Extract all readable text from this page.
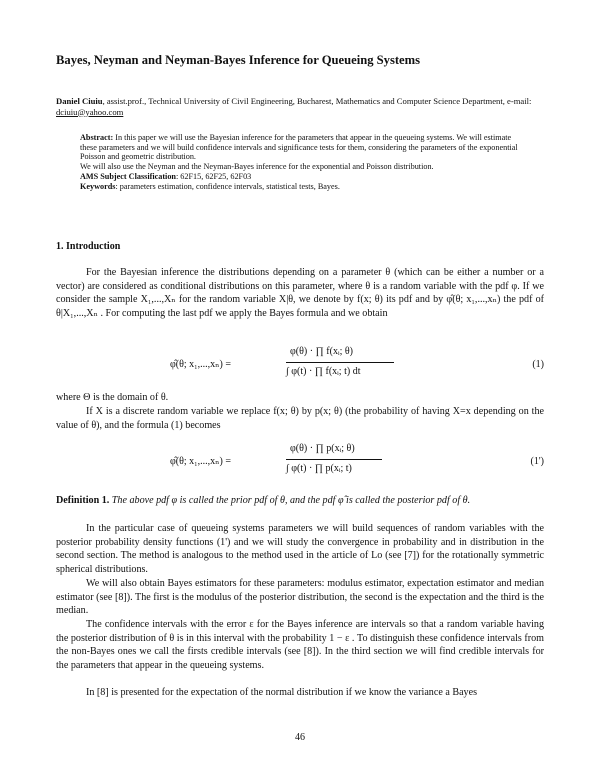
Bayes, Neyman and Neyman-Bayes Inference for Queueing Systems
Daniel Ciuiu, assist.prof., Technical University of Civil Engineering, Bucharest, Mathematics and Computer Science Department, e-mail: dciuiu@yahoo.com

Abstract: In this paper we will use the Bayesian inference for the parameters that appear in the queueing systems. We will estimate these parameters and we will build confidence intervals and significance tests for them, considering the parameters of the exponential Poisson and geometric distribution.

We will also use the Neyman and the Neyman-Bayes inference for the exponential and Poisson distribution.

AMS Subject Classification: 62F15, 62F25, 62F03

Keywords: parameters estimation, confidence intervals, statistical tests, Bayes.

1. Introduction
For the Bayesian inference the distributions depending on a parameter θ (which can be either a number or a vector) are considered as conditional distributions on this parameter, where θ is a random variable with the pdf φ. If we consider the sample X₁,...,Xₙ for the random variable X|θ, we denote by f(x; θ) its pdf and by φ̂(θ; x₁,...,xₙ) the pdf of θ|X₁,...,Xₙ . For computing the last pdf we apply the Bayes formula and we obtain
φ̂(θ; x₁,...,xₙ) =
φ(θ) · ∏ f(xᵢ; θ)
∫ φ(t) · ∏ f(xᵢ; t) dt
(1)
where Θ is the domain of θ.
If X is a discrete random variable we replace f(x; θ) by p(x; θ) (the probability of having X=x depending on the value of θ), and the formula (1) becomes
φ̂(θ; x₁,...,xₙ) =
φ(θ) · ∏ p(xᵢ; θ)
∫ φ(t) · ∏ p(xᵢ; t)
(1')
Definition 1. The above pdf φ is called the prior pdf of θ, and the pdf φ̂ is called the posterior pdf of θ.
In the particular case of queueing systems parameters we will build sequences of random variables with the posterior probability density functions (1') and we will study the convergence in probability and in distribution in the second section. The method is analogous to the method used in the article of Lo (see [7]) for the rotationally symmetric spherical distributions.
We will also obtain Bayes estimators for these parameters: modulus estimator, expectation estimator and median estimator (see [8]). The first is the modulus of the posterior distribution, the second is the expectation and the third is the median.
The confidence intervals with the error ε for the Bayes inference are intervals so that a random variable having the posterior distribution of θ is in this interval with the probability 1 − ε . To distinguish these confidence intervals from the non-Bayes ones we call the firsts credible intervals (see [8]). In the third section we will find credible intervals for the parameters that appear in the queueing systems.
In [8] is presented for the expectation of the normal distribution if we know the variance a Bayes
46
